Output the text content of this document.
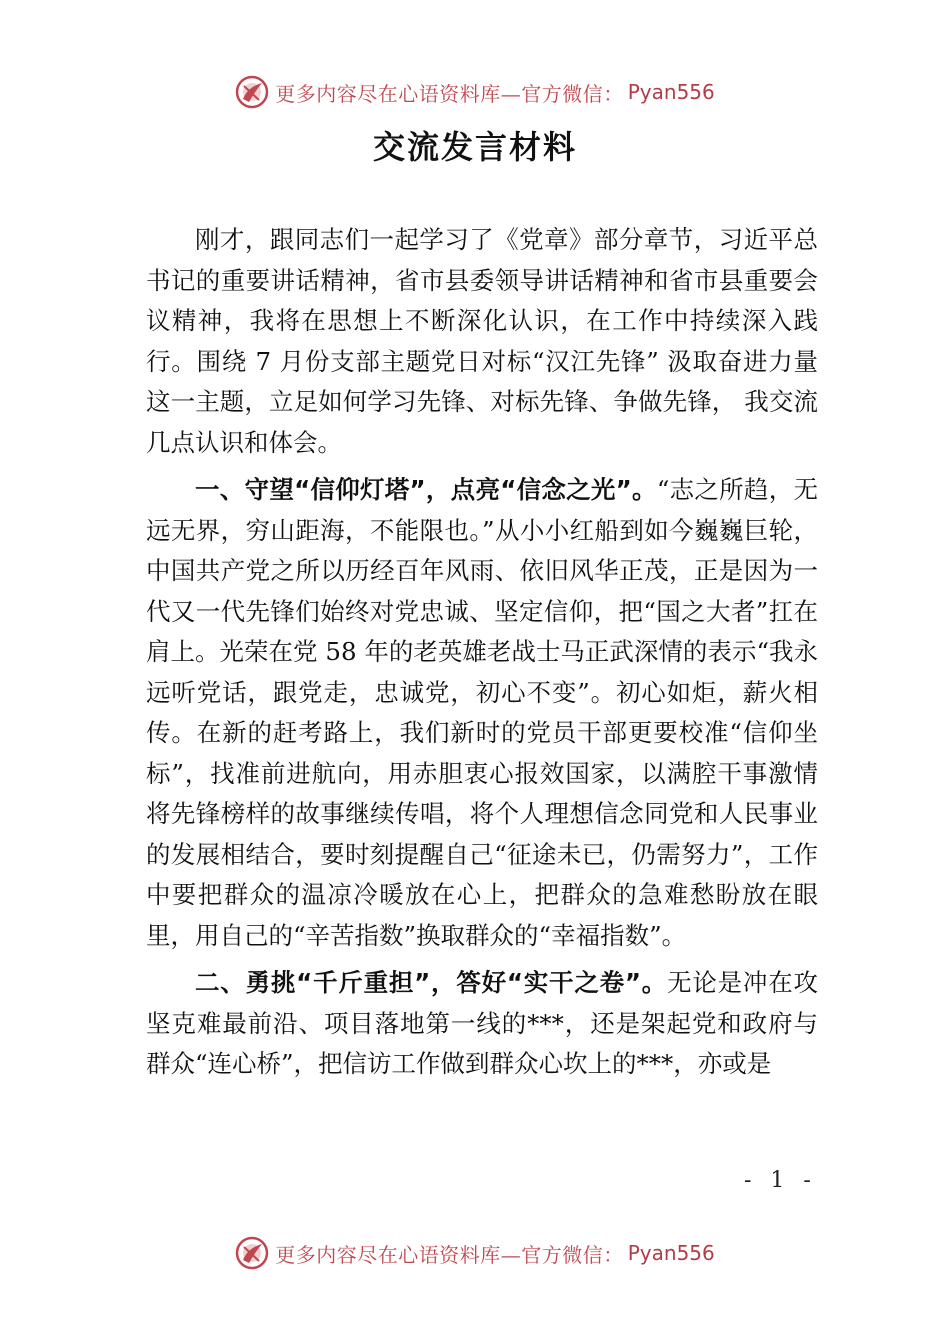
更多内容尽在心语资料库—官方微信： Pyan556
交流发言材料

刚才，跟同志们一起学习了《党章》部分章节，习近平总书记的重要讲话精神，省市县委领导讲话精神和省市县重要会议精神，我将在思想上不断深化认识，在工作中持续深入践行。围绕 7 月份支部主题党日对标“汉江先锋” 汲取奋进力量这一主题，立足如何学习先锋、对标先锋、争做先锋， 我交流几点认识和体会。

一、守望“信仰灯塔”，点亮“信念之光”。“志之所趋，无远无界，穷山距海，不能限也。”从小小红船到如今巍巍巨轮，中国共产党之所以历经百年风雨、依旧风华正茂，正是因为一代又一代先锋们始终对党忠诚、坚定信仰，把“国之大者”扛在肩上。光荣在党 58 年的老英雄老战士马正武深情的表示“我永远听党话，跟党走，忠诚党，初心不变”。初心如炬，薪火相传。在新的赶考路上，我们新时的党员干部更要校准“信仰坐标”，找准前进航向，用赤胆衷心报效国家，以满腔干事激情将先锋榜样的故事继续传唱，将个人理想信念同党和人民事业的发展相结合，要时刻提醒自己“征途未已，仍需努力”，工作中要把群众的温凉冷暖放在心上，把群众的急难愁盼放在眼里，用自己的“辛苦指数”换取群众的“幸福指数”。

二、勇挑“千斤重担”，答好“实干之卷”。无论是冲在攻坚克难最前沿、项目落地第一线的***，还是架起党和政府与群众“连心桥”，把信访工作做到群众心坎上的***，亦或是

- 1 -
更多内容尽在心语资料库—官方微信： Pyan556
